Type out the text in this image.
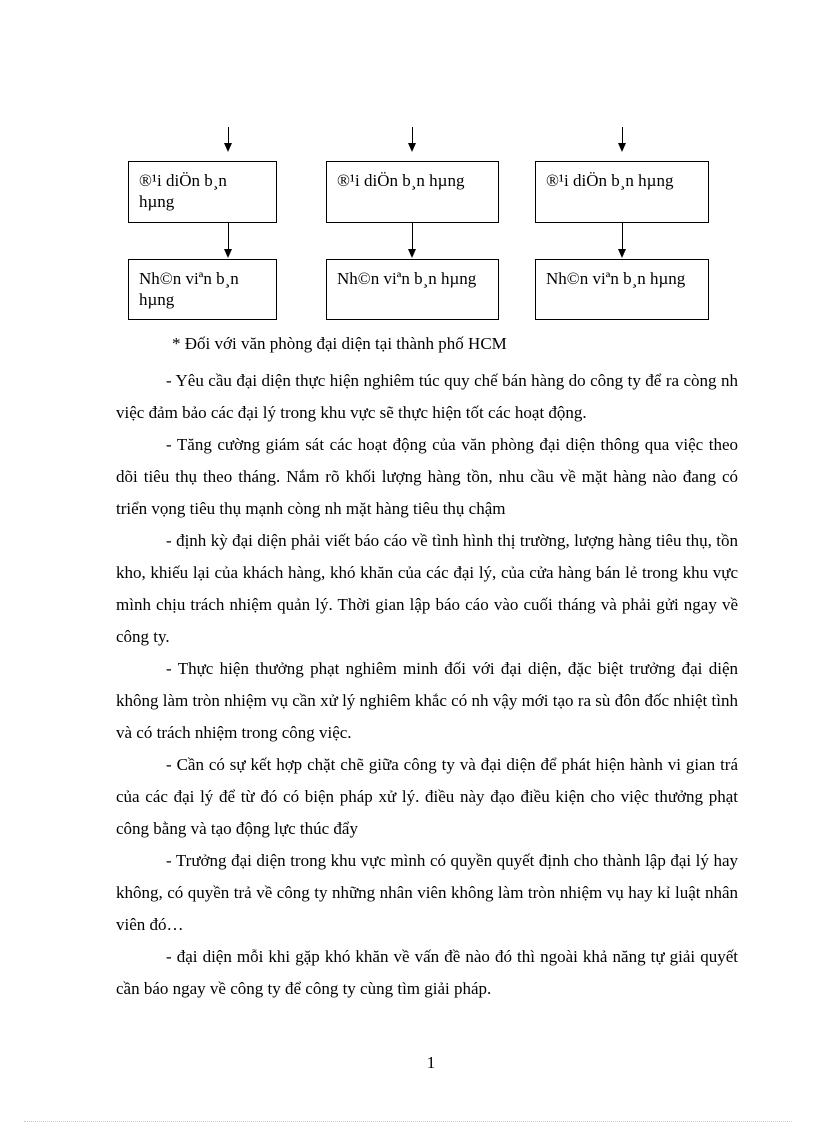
®¹i diÖn b¸n hµng
®¹i diÖn b¸n hµng	®¹i diÖn b¸n hµng
Nh©n viªn b¸n hµng
Nh©n viªn b¸n hµng	Nh©n viªn b¸n hµng
* Đối với văn phòng đại diện tại thành phố HCM
- Yêu cầu đại diện thực hiện nghiêm túc quy chế bán hàng do công ty để ra còng nh việc đảm bảo các đại lý trong khu vực sẽ thực hiện tốt các hoạt động.
- Tăng cường giám sát các hoạt động của văn phòng đại diện thông qua việc theo dõi tiêu thụ theo tháng. Nắm rõ khối lượng hàng tồn, nhu cầu về mặt hàng nào đang có triển vọng tiêu thụ mạnh còng nh mặt hàng tiêu thụ chậm
- định kỳ đại diện phải viết báo cáo về tình hình thị trường, lượng hàng tiêu thụ, tồn kho, khiếu lại của khách hàng, khó khăn của các đại lý, của cửa hàng bán lẻ trong khu vực mình chịu trách nhiệm quản lý. Thời gian lập báo cáo vào cuối tháng và phải gửi ngay về công ty.
- Thực hiện thưởng phạt nghiêm minh đối với đại diện, đặc biệt trưởng đại diện không làm tròn nhiệm vụ cần xử lý nghiêm khắc có nh vậy mới tạo ra sù đôn đốc nhiệt tình và có trách nhiệm trong công việc.
- Cần có sự kết hợp chặt chẽ giữa công ty và đại diện để phát hiện hành vi gian trá của các đại lý để từ đó có biện pháp xử lý. điều này đạo điều kiện cho việc thưởng phạt công bằng và tạo động lực thúc đẩy
- Trưởng đại diện trong khu vực mình có quyền quyết định cho thành lập đại lý hay không, có quyền trả về công ty những nhân viên không làm tròn nhiệm vụ hay kỉ luật nhân viên đó…
- đại diện mỗi khi gặp khó khăn về vấn đề nào đó thì ngoài khả năng tự giải quyết cần báo ngay về công ty để công ty cùng tìm giải pháp.
1
